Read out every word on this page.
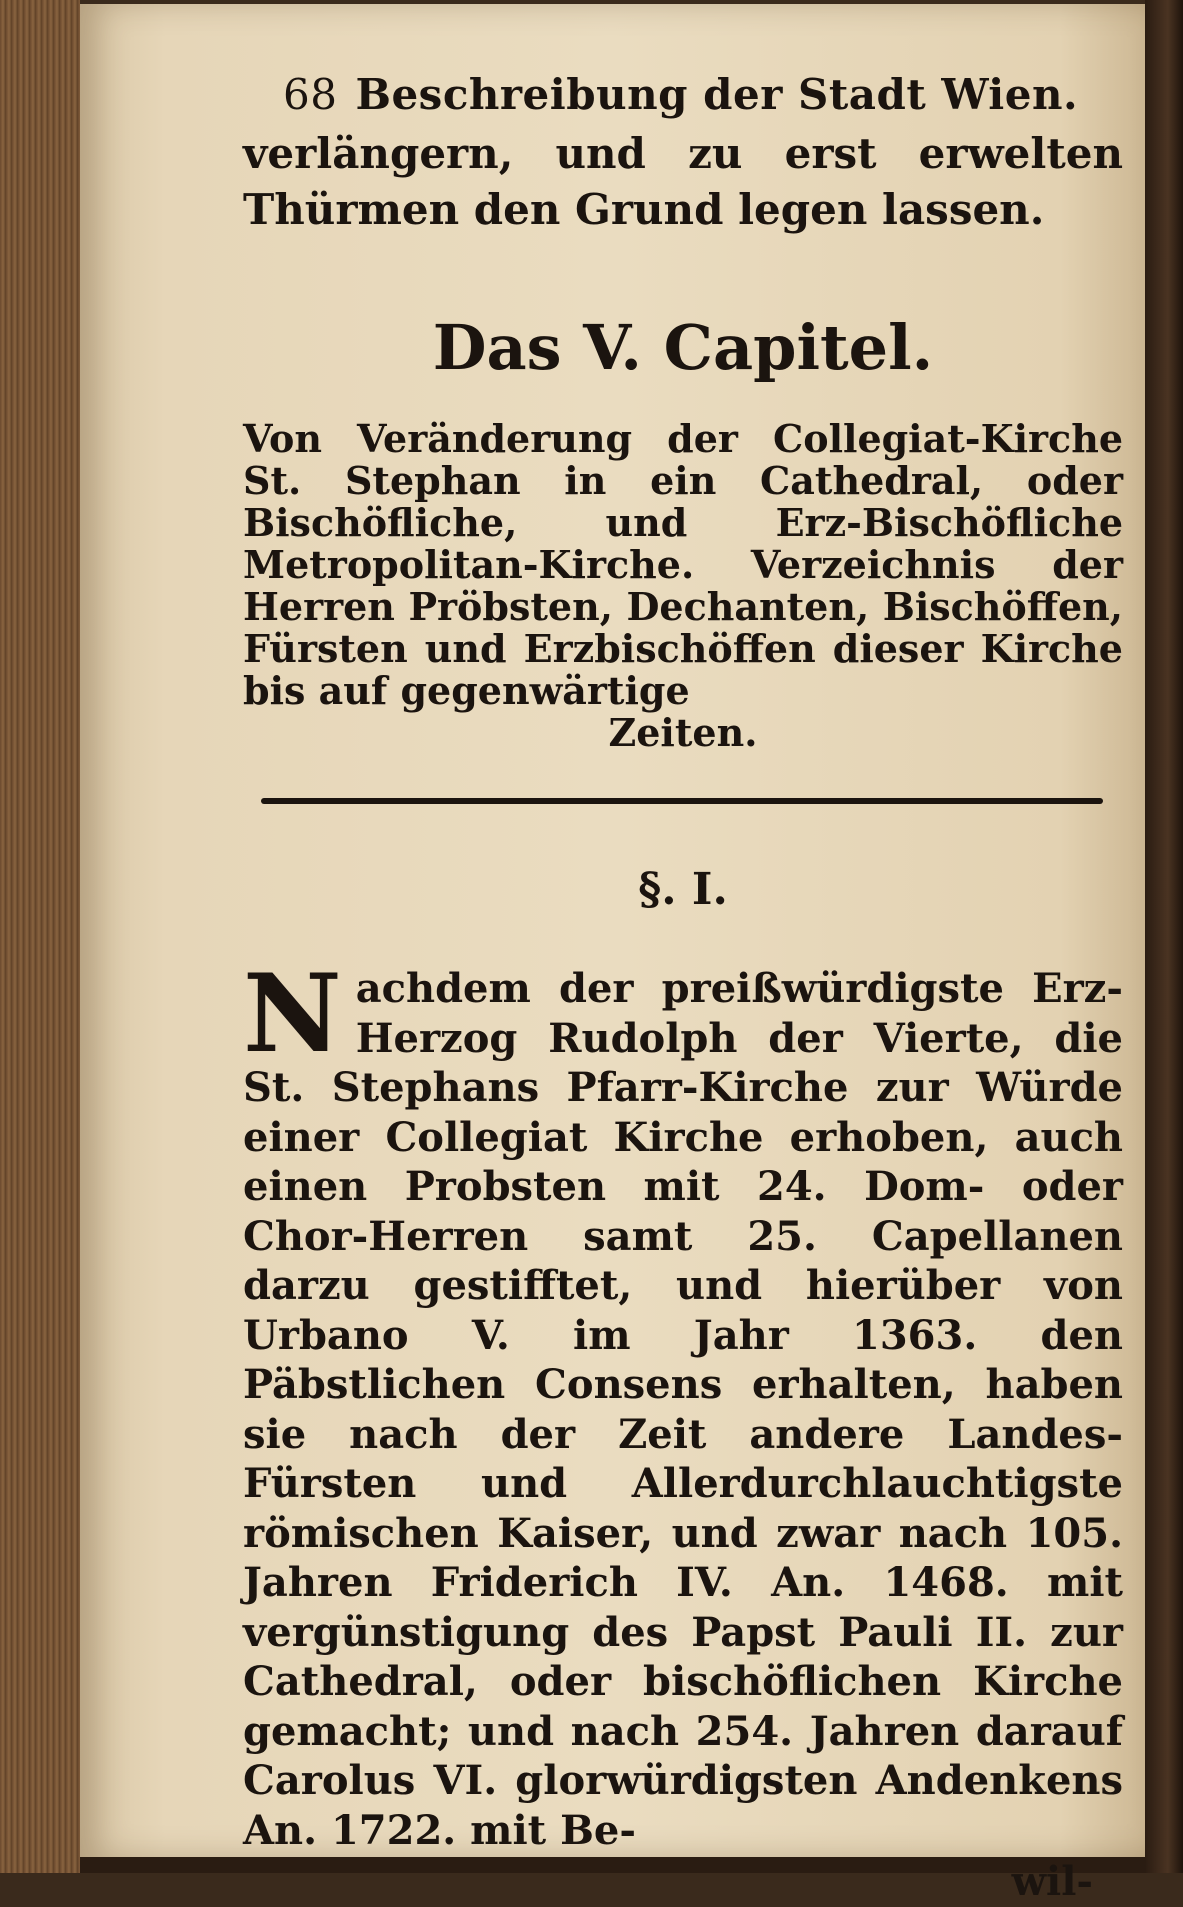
68 Beschreibung der Stadt Wien.
verlängern, und zu erst erwelten Thürmen den Grund legen lassen.
Das V. Capitel.
Von Veränderung der Collegiat-Kirche St. Stephan in ein Cathedral, oder Bischöfliche, und Erz-Bischöfliche Metropolitan-Kirche. Verzeichnis der Herren Pröbsten, Dechanten, Bischöffen, Fürsten und Erzbischöffen dieser Kirche bis auf gegenwärtige
Zeiten.
§. I.
Nachdem der preißwürdigste Erz-Herzog Rudolph der Vierte, die St. Stephans Pfarr-Kirche zur Würde einer Collegiat Kirche erhoben, auch einen Probsten mit 24. Dom- oder Chor-Herren samt 25. Capellanen darzu gestifftet, und hierüber von Urbano V. im Jahr 1363. den Päbstlichen Consens erhalten, haben sie nach der Zeit andere Landes-Fürsten und Allerdurchlauchtigste römischen Kaiser, und zwar nach 105. Jahren Friderich IV. An. 1468. mit vergünstigung des Papst Pauli II. zur Cathedral, oder bischöflichen Kirche gemacht; und nach 254. Jahren darauf Carolus VI. glorwürdigsten Andenkens An. 1722. mit Be-
wil-
